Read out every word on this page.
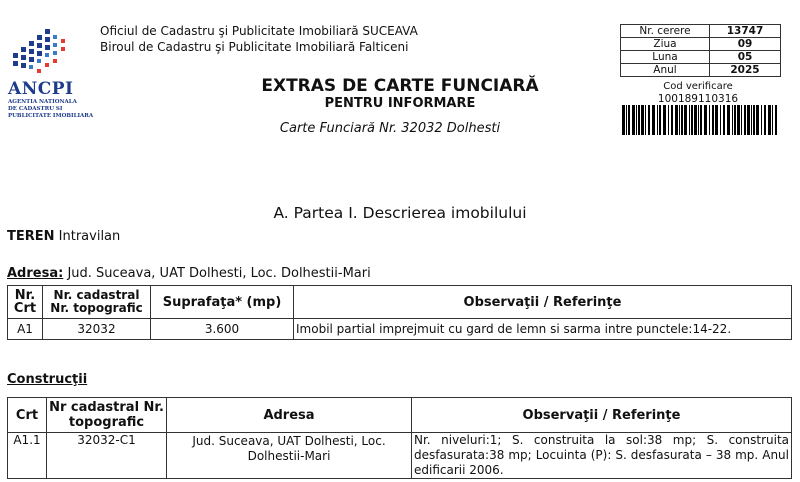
ANCPI
AGENTIA NATIONALA
DE CADASTRU SI
PUBLICITATE IMOBILIARA
Oficiul de Cadastru şi Publicitate Imobiliară SUCEAVA
Biroul de Cadastru şi Publicitate Imobiliară Falticeni
Nr. cerere	13747
Ziua	09
Luna	05
Anul	2025
Cod verificare
100189110316
EXTRAS DE CARTE FUNCIARĂ
PENTRU INFORMARE
Carte Funciară Nr. 32032 Dolhesti
A. Partea I. Descrierea imobilului
TEREN Intravilan
Adresa: Jud. Suceava, UAT Dolhesti, Loc. Dolhestii-Mari
Nr. Crt	Nr. cadastral Nr. topografic	Suprafaţa* (mp)	Observaţii / Referinţe
A1	32032	3.600	Imobil partial imprejmuit cu gard de lemn si sarma intre punctele:14-22.
Construcţii
Crt	Nr cadastral Nr. topografic	Adresa	Observaţii / Referinţe
A1.1	32032-C1	Jud. Suceava, UAT Dolhesti, Loc. Dolhestii-Mari	Nr. niveluri:1; S. construita la sol:38 mp; S. construita desfasurata:38 mp; Locuinta (P): S. desfasurata – 38 mp. Anul edificarii 2006.
